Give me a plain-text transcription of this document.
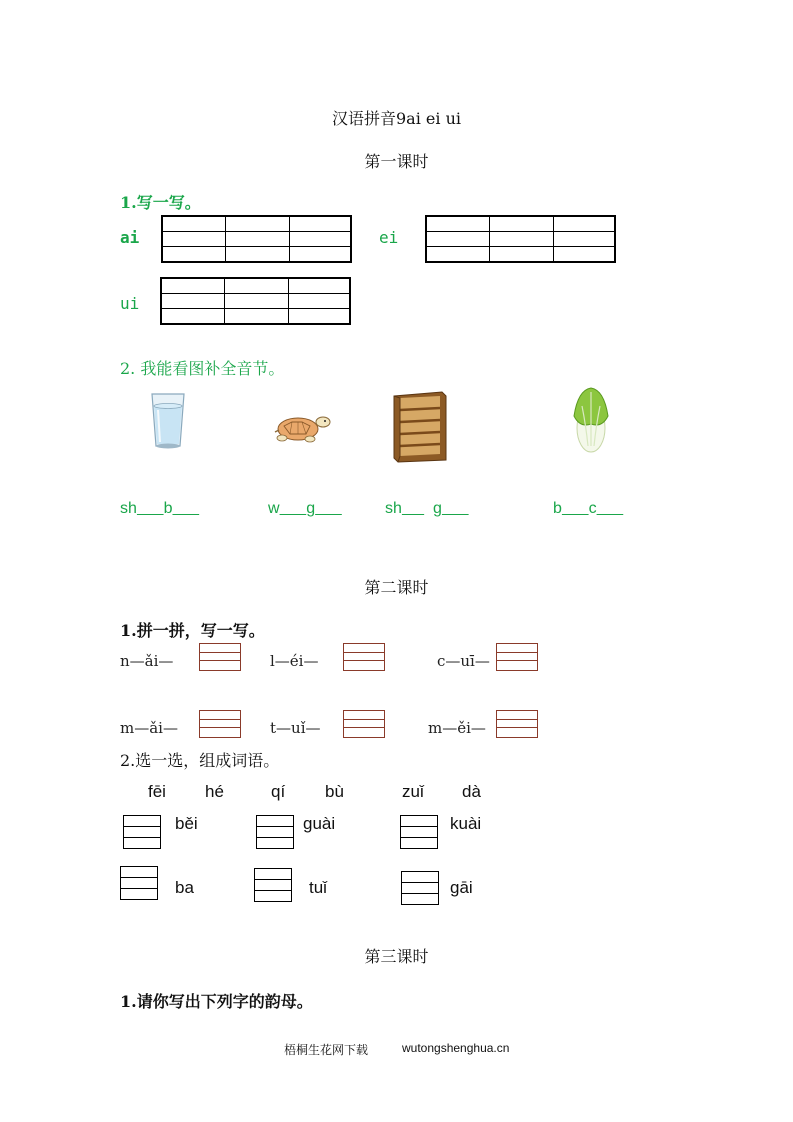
汉语拼音9ai ei ui
第一课时
1.写一写。
ai	ei
ui
2. 我能看图补全音节。
sh b	w g	sh g	b c
第二课时
1.拼一拼，写一写。
n—ǎi—	l—éi—	c—uī—
m—ǎi—	t—uǐ—	m—ěi—
2.选一选，组成词语。
fēi hé	qí bù	zuǐ dà
běi	guài	kuài
ba	tuǐ	gāi
第三课时
1.请你写出下列字的韵母。
梧桐生花网下载	wutongshenghua.cn
